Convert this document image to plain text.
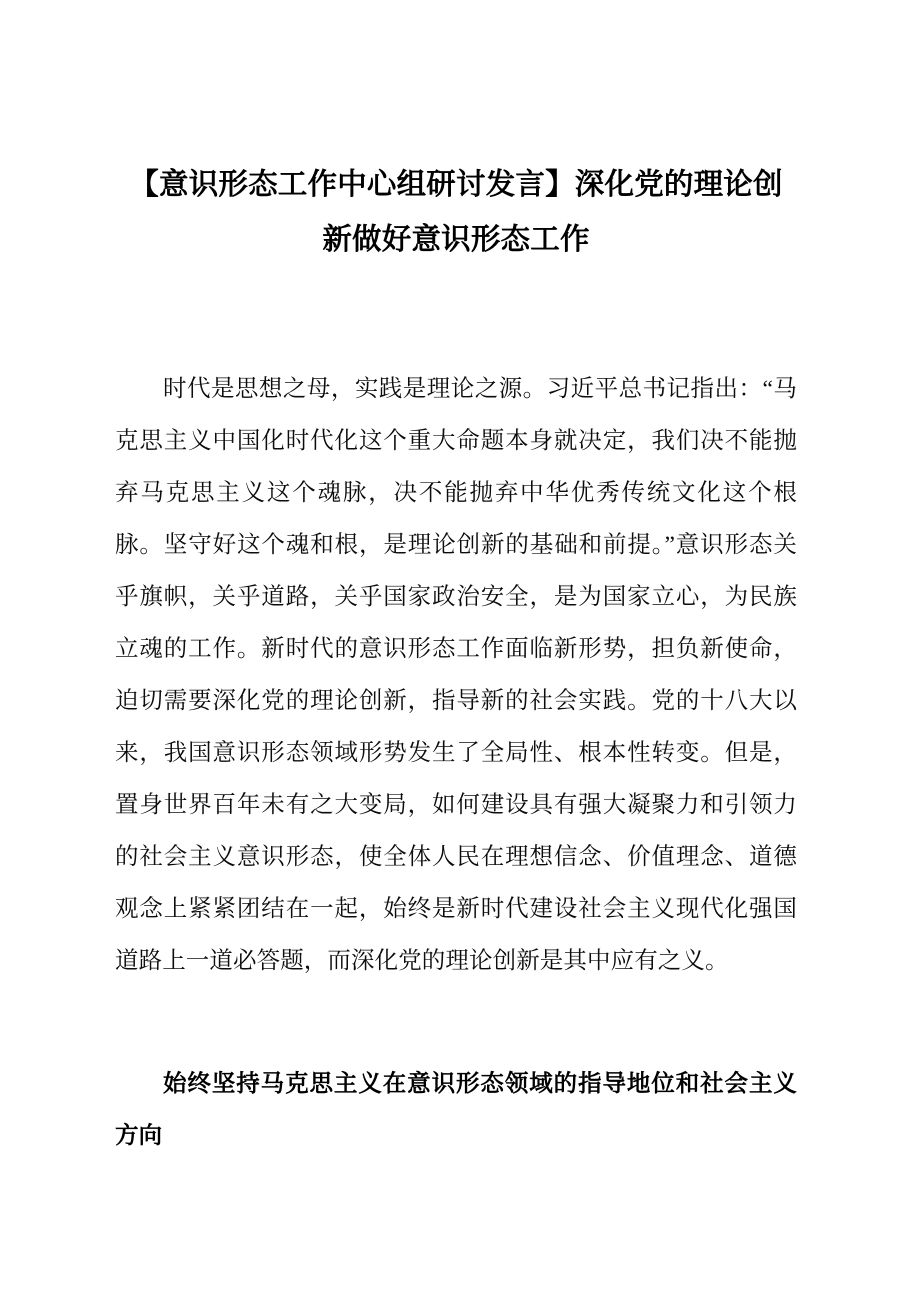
【意识形态工作中心组研讨发言】深化党的理论创新做好意识形态工作

时代是思想之母，实践是理论之源。习近平总书记指出：“马克思主义中国化时代化这个重大命题本身就决定，我们决不能抛弃马克思主义这个魂脉，决不能抛弃中华优秀传统文化这个根脉。坚守好这个魂和根，是理论创新的基础和前提。”意识形态关乎旗帜，关乎道路，关乎国家政治安全，是为国家立心，为民族立魂的工作。新时代的意识形态工作面临新形势，担负新使命，迫切需要深化党的理论创新，指导新的社会实践。党的十八大以来，我国意识形态领域形势发生了全局性、根本性转变。但是，置身世界百年未有之大变局，如何建设具有强大凝聚力和引领力的社会主义意识形态，使全体人民在理想信念、价值理念、道德观念上紧紧团结在一起，始终是新时代建设社会主义现代化强国道路上一道必答题，而深化党的理论创新是其中应有之义。

始终坚持马克思主义在意识形态领域的指导地位和社会主义方向
